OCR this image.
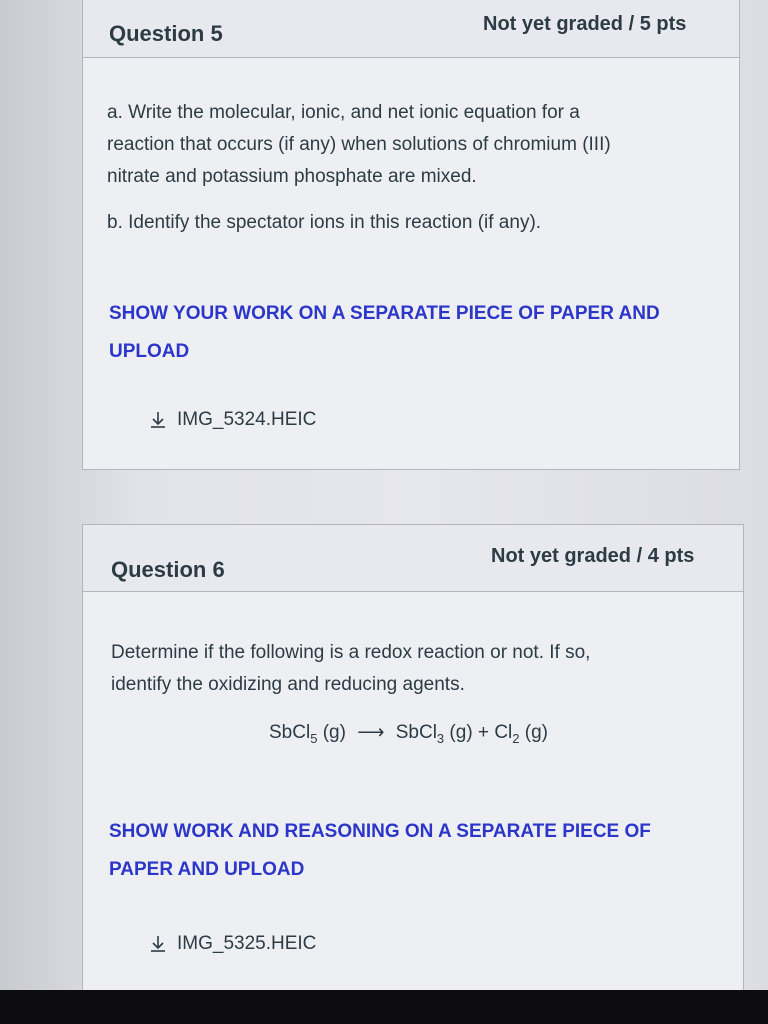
Question 5	Not yet graded / 5 pts

a. Write the molecular, ionic, and net ionic equation for a

reaction that occurs (if any) when solutions of chromium (III)

nitrate and potassium phosphate are mixed.

b. Identify the spectator ions in this reaction (if any).

SHOW YOUR WORK ON A SEPARATE PIECE OF PAPER AND
UPLOAD
IMG_5324.HEIC
Question 6
Not yet graded / 4 pts

Determine if the following is a redox reaction or not. If so,

identify the oxidizing and reducing agents.

SbCl$_5$ (g) ⟶ SbCl$_3$ $(g) + Cl_2$ (g)
SHOW WORK AND REASONING ON A SEPARATE PIECE OF
PAPER AND UPLOAD
IMG_5325.HEIC
